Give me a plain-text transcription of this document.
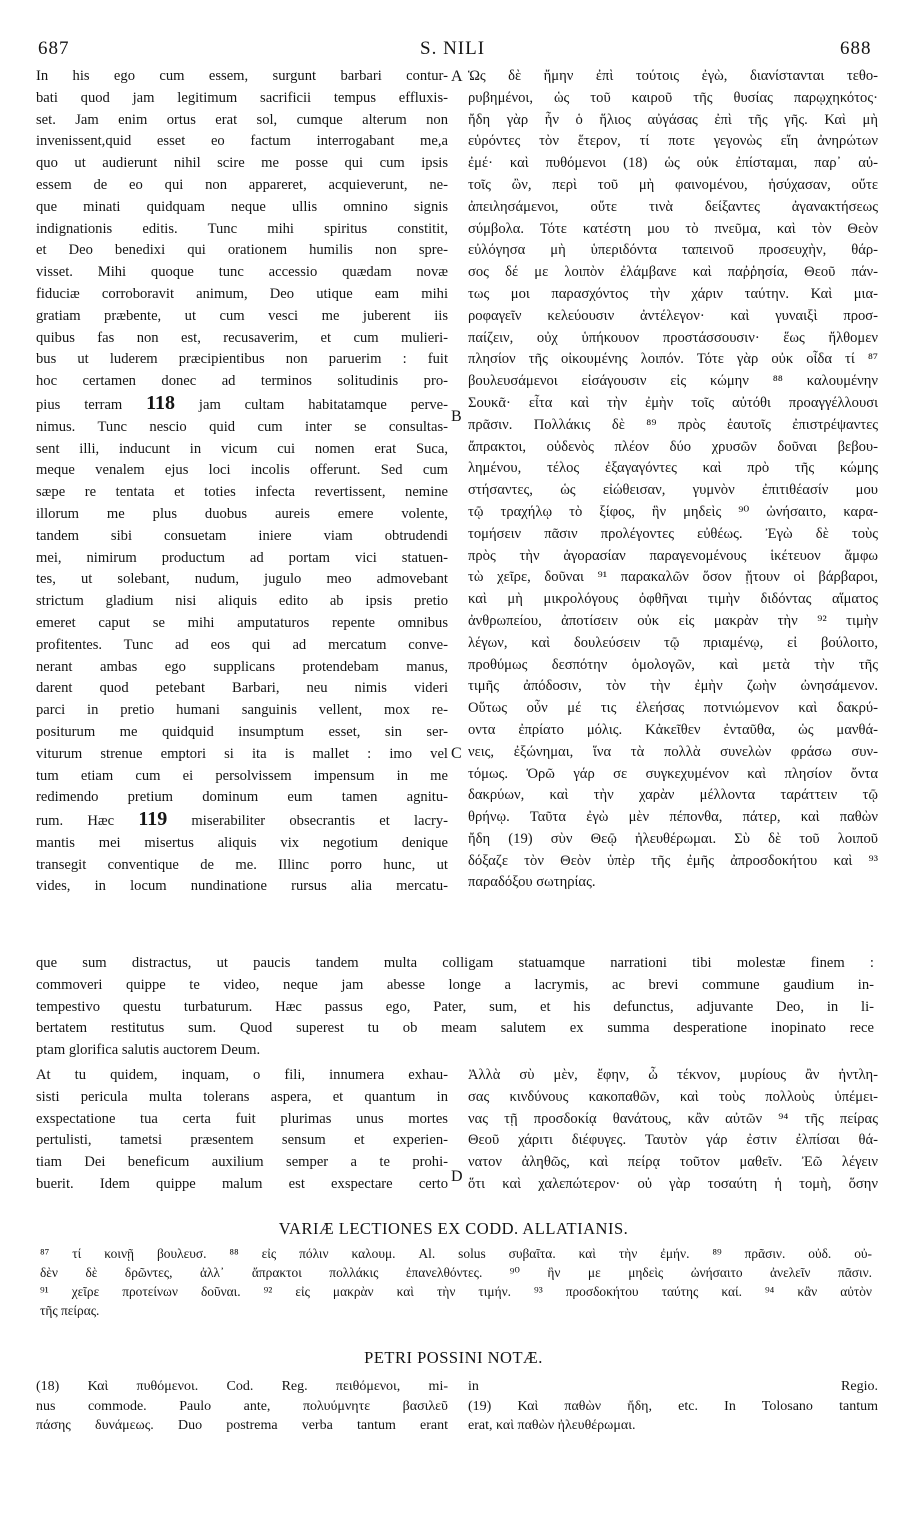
687	S. NILI	688
In his ego cum essem, surgunt barbari contur-
bati quod jam legitimum sacrificii tempus effluxis-
set. Jam enim ortus erat sol, cumque alterum non
invenissent,quid esset eo factum interrogabant me,a
quo ut audierunt nihil scire me posse qui cum ipsis
essem de eo qui non appareret, acquieverunt, ne-
que minati quidquam neque ullis omnino signis
indignationis editis. Tunc mihi spiritus constitit,
et Deo benedixi qui orationem humilis non spre-
visset. Mihi quoque tunc accessio quædam novæ
fiduciæ corroboravit animum, Deo utique eam mihi
gratiam præbente, ut cum vesci me juberent iis
quibus fas non est, recusaverim, et cum mulieri-
bus ut luderem præcipientibus non paruerim : fuit
hoc certamen donec ad terminos solitudinis pro-
pius terram 118 jam cultam habitatamque perve-
nimus. Tunc nescio quid cum inter se consultas-
sent illi, inducunt in vicum cui nomen erat Suca,
meque venalem ejus loci incolis offerunt. Sed cum
sæpe re tentata et toties infecta revertissent, nemine
illorum me plus duobus aureis emere volente,
tandem sibi consuetam iniere viam obtrudendi
mei, nimirum productum ad portam vici statuen-
tes, ut solebant, nudum, jugulo meo admovebant
strictum gladium nisi aliquis edito ab ipsis pretio
emeret caput se mihi amputaturos repente omnibus
profitentes. Tunc ad eos qui ad mercatum conve-
nerant ambas ego supplicans protendebam manus,
darent quod petebant Barbari, neu nimis videri
parci in pretio humani sanguinis vellent, mox re-
positurum me quidquid insumptum esset, sin ser-
viturum strenue emptori si ita is mallet : imo vel
tum etiam cum ei persolvissem impensum in me
redimendo pretium dominum eum tamen agnitu-
rum. Hæc 119 miserabiliter obsecrantis et lacry-
mantis mei misertus aliquis vix negotium denique
transegit conventique de me. Illinc porro hunc, ut
vides, in locum nundinatione rursus alia mercatu-
Ὡς δὲ ἤμην ἐπὶ τούτοις ἐγὼ, διανίστανται τεθο-
ρυβημένοι, ὡς τοῦ καιροῦ τῆς θυσίας παρῳχηκότος·
ἤδη γὰρ ἦν ὁ ἥλιος αὐγάσας ἐπὶ τῆς γῆς. Καὶ μὴ
εὑρόντες τὸν ἕτερον, τί ποτε γεγονὼς εἴη ἀνηρώτων
ἐμέ· καὶ πυθόμενοι (18) ὡς οὐκ ἐπίσταμαι, παρ᾽ αὐ-
τοῖς ὢν, περὶ τοῦ μὴ φαινομένου, ἡσύχασαν, οὔτε
ἀπειλησάμενοι, οὔτε τινὰ δείξαντες ἀγανακτήσεως
σύμβολα. Τότε κατέστη μου τὸ πνεῦμα, καὶ τὸν Θεὸν
εὐλόγησα μὴ ὑπεριδόντα ταπεινοῦ προσευχὴν, θάρ-
σος δέ με λοιπὸν ἐλάμβανε καὶ παῤῥησία, Θεοῦ πάν-
τως μοι παρασχόντος τὴν χάριν ταύτην. Καὶ μια-
ροφαγεῖν κελεύουσιν ἀντέλεγον· καὶ γυναιξὶ προσ-
παίζειν, οὐχ ὑπήκουον προστάσσουσιν· ἕως ἤλθομεν
πλησίον τῆς οἰκουμένης λοιπόν. Τότε γὰρ οὐκ οἶδα τί ⁸⁷
βουλευσάμενοι εἰσάγουσιν εἰς κώμην ⁸⁸ καλουμένην
Σουκᾶ· εἶτα καὶ τὴν ἐμὴν τοῖς αὐτόθι προαγγέλλουσι
πρᾶσιν. Πολλάκις δὲ ⁸⁹ πρὸς ἑαυτοῖς ἐπιστρέψαντες
ἄπρακτοι, οὐδενὸς πλέον δύο χρυσῶν δοῦναι βεβου-
λημένου, τέλος ἐξαγαγόντες καὶ πρὸ τῆς κώμης
στήσαντες, ὡς εἰώθεισαν, γυμνὸν ἐπιτιθέασίν μου
τῷ τραχήλῳ τὸ ξίφος, ἣν μηδεὶς ⁹⁰ ὠνήσαιτο, καρα-
τομήσειν πᾶσιν προλέγοντες εὐθέως. Ἐγὼ δὲ τοὺς
πρὸς τὴν ἀγορασίαν παραγενομένους ἱκέτευον ἄμφω
τὼ χεῖρε, δοῦναι ⁹¹ παρακαλῶν ὅσον ᾔτουν οἱ βάρβαροι,
καὶ μὴ μικρολόγους ὀφθῆναι τιμὴν διδόντας αἵματος
ἀνθρωπείου, ἀποτίσειν οὐκ εἰς μακρὰν τὴν ⁹² τιμὴν
λέγων, καὶ δουλεύσειν τῷ πριαμένῳ, εἰ βούλοιτο,
προθύμως δεσπότην ὁμολογῶν, καὶ μετὰ τὴν τῆς
τιμῆς ἀπόδοσιν, τὸν τὴν ἐμὴν ζωὴν ὠνησάμενον.
Οὕτως οὖν μέ τις ἐλεήσας ποτνιώμενον καὶ δακρύ-
οντα ἐπρίατο μόλις. Κἀκεῖθεν ἐνταῦθα, ὡς μανθά-
νεις, ἐξώνημαι, ἵνα τὰ πολλὰ συνελὼν φράσω συν-
τόμως. Ὁρῶ γάρ σε συγκεχυμένον καὶ πλησίον ὄντα
δακρύων, καὶ τὴν χαρὰν μέλλοντα ταράττειν τῷ
θρήνῳ. Ταῦτα ἐγὼ μὲν πέπονθα, πάτερ, καὶ παθὼν
ἤδη (19) σὺν Θεῷ ἠλευθέρωμαι. Σὺ δὲ τοῦ λοιποῦ
δόξαζε τὸν Θεὸν ὑπὲρ τῆς ἐμῆς ἀπροσδοκήτου καὶ ⁹³
παραδόξου σωτηρίας.
A
B
C
D
que sum distractus, ut paucis tandem multa colligam statuamque narrationi tibi molestæ finem :
commoveri quippe te video, neque jam abesse longe a lacrymis, ac brevi commune gaudium in-
tempestivo questu turbaturum. Hæc passus ego, Pater, sum, et his defunctus, adjuvante Deo, in li-
bertatem restitutus sum. Quod superest tu ob meam salutem ex summa desperatione inopinato rece
ptam glorifica salutis auctorem Deum.
At tu quidem, inquam, o fili, innumera exhau-
sisti pericula multa tolerans aspera, et quantum in
exspectatione tua certa fuit plurimas unus mortes
pertulisti, tametsi præsentem sensum et experien-
tiam Dei beneficum auxilium semper a te prohi-
buerit. Idem quippe malum est exspectare certo
Ἀλλὰ σὺ μὲν, ἔφην, ὦ τέκνον, μυρίους ἂν ἠντλη-
σας κινδύνους κακοπαθῶν, καὶ τοὺς πολλοὺς ὑπέμει-
νας τῇ προσδοκίᾳ θανάτους, κἂν αὐτῶν ⁹⁴ τῆς πείρας
Θεοῦ χάριτι διέφυγες. Ταυτὸν γάρ ἐστιν ἐλπίσαι θά-
νατον ἀληθῶς, καὶ πείρᾳ τοῦτον μαθεῖν. Ἐῶ λέγειν
ὅτι καὶ χαλεπώτερον· οὐ γὰρ τοσαύτη ἡ τομὴ, ὅσην
VARIÆ LECTIONES EX CODD. ALLATIANIS.
⁸⁷ τί κοινῇ βουλευσ. ⁸⁸ εἰς πόλιν καλουμ. Al. solus συβαῖτα. καὶ τὴν ἐμήν. ⁸⁹ πρᾶσιν. οὐδ. οὐ-
δὲν δὲ δρῶντες, ἀλλ᾽ ἄπρακτοι πολλάκις ἐπανελθόντες. ⁹⁰ ἣν με μηδεὶς ὠνήσαιτο ἀνελεῖν πᾶσιν.
⁹¹ χεῖρε προτείνων δοῦναι. ⁹² εἰς μακρὰν καὶ τὴν τιμήν. ⁹³ προσδοκήτου ταύτης καί. ⁹⁴ κἂν αὐτὸν
τῆς πείρας.
PETRI POSSINI NOTÆ.
(18) Καὶ πυθόμενοι. Cod. Reg. πειθόμενοι, mi-
nus commode. Paulo ante, πολυύμνητε βασιλεῦ
πάσης δυνάμεως. Duo postrema verba tantum erant
in Regio.
(19) Καὶ παθὼν ἤδη, etc. In Tolosano tantum
erat, καὶ παθὼν ἠλευθέρωμαι.
